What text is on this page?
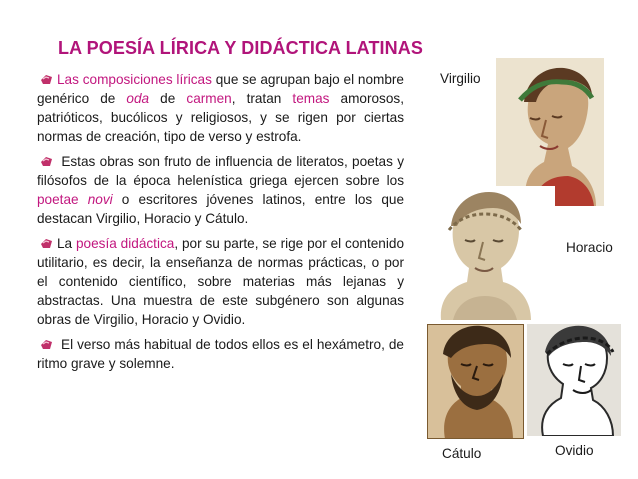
LA POESÍA LÍRICA Y DIDÁCTICA LATINAS

Las composiciones líricas que se agrupan bajo el nombre genérico de oda de carmen, tratan temas amorosos, patrióticos, bucólicos y religiosos, y se rigen por ciertas normas de creación, tipo de verso y estrofa.

Estas obras son fruto de influencia de literatos, poetas y filósofos de la época helenística griega ejercen sobre los poetae novi o escritores jóvenes latinos, entre los que destacan Virgilio, Horacio y Cátulo.

La poesía didáctica, por su parte, se rige por el contenido utilitario, es decir, la enseñanza de normas prácticas, o por el contenido científico, sobre materias más lejanas y abstractas. Una muestra de este subgénero son algunas obras de Virgilio, Horacio y Ovidio.

El verso más habitual de todos ellos es el hexámetro, de ritmo grave y solemne.

Virgilio
Horacio
Cátulo	Ovidio
